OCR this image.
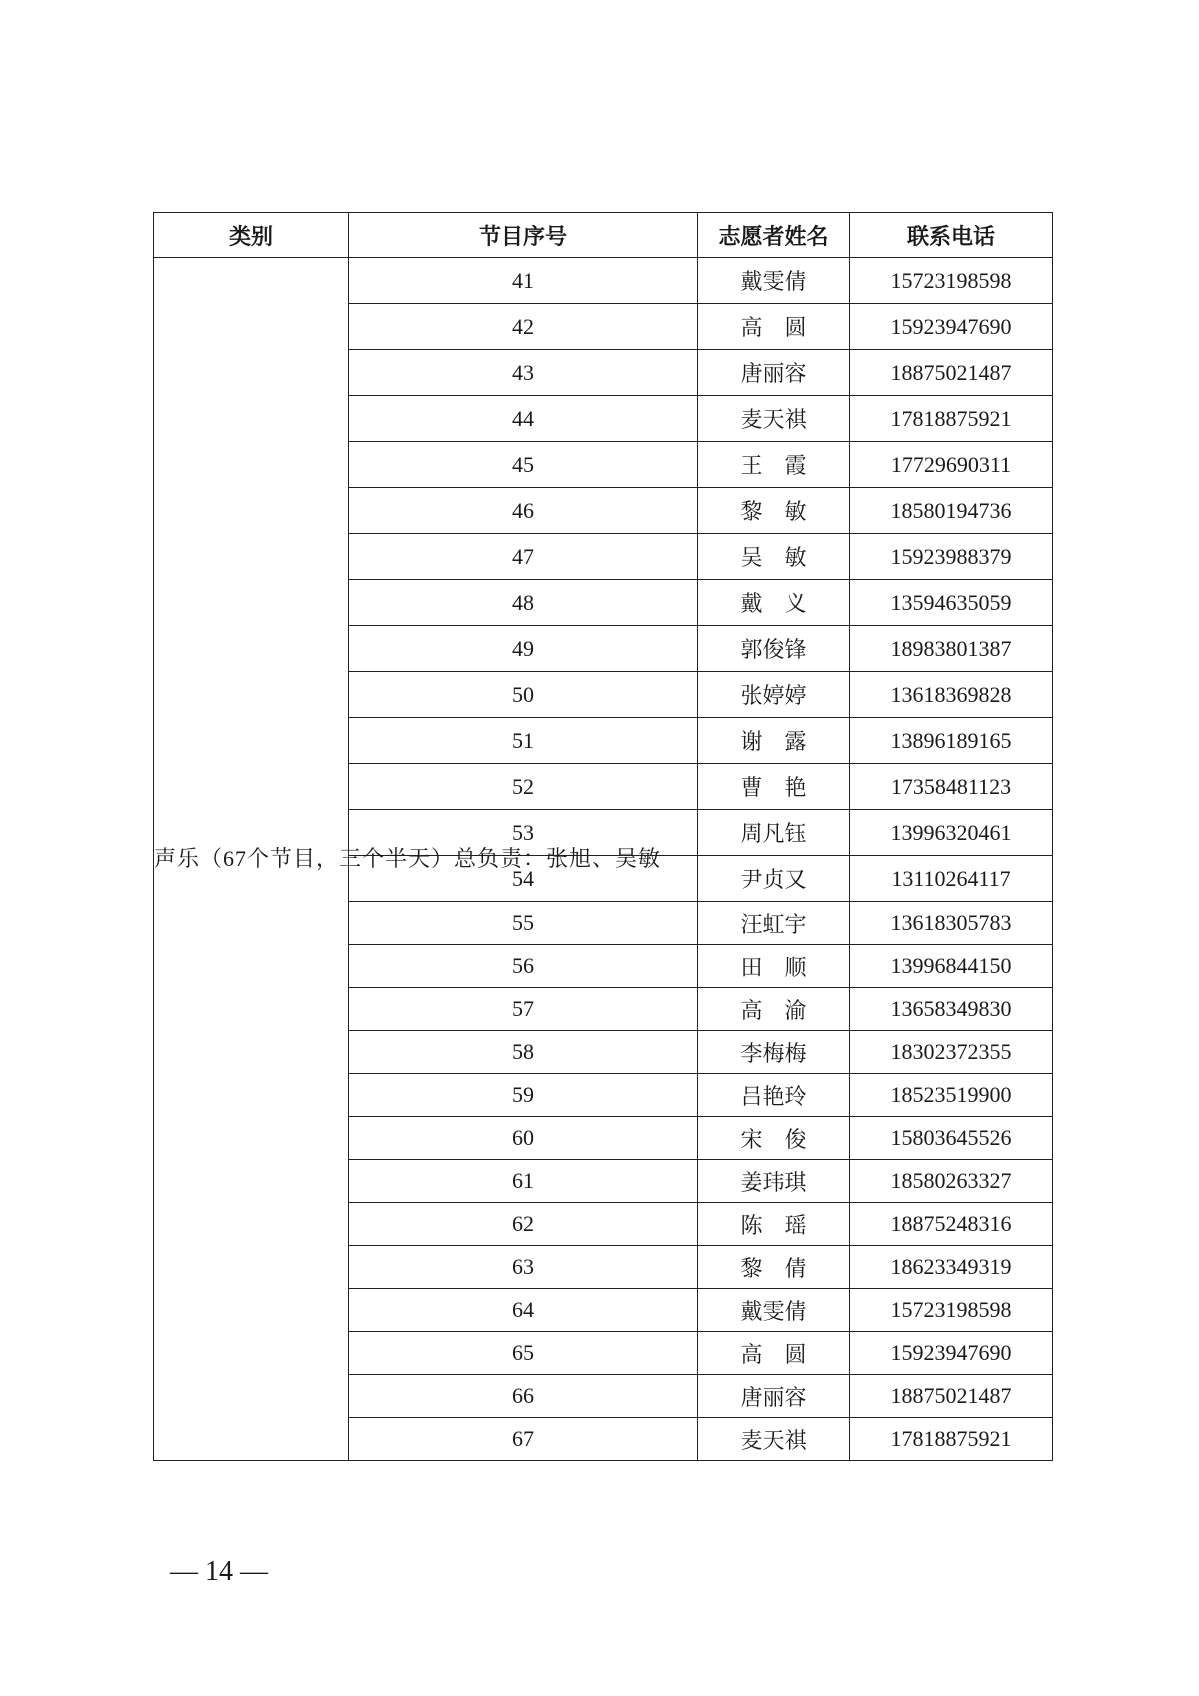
类别	节目序号	志愿者姓名	联系电话
声乐（67个节目，三个半天）总负责：张旭、吴敏	41	戴雯倩	15723198598
	42	高　圆	15923947690
	43	唐丽容	18875021487
	44	麦天祺	17818875921
	45	王　霞	17729690311
	46	黎　敏	18580194736
	47	吴　敏	15923988379
	48	戴　义	13594635059
	49	郭俊锋	18983801387
	50	张婷婷	13618369828
	51	谢　露	13896189165
	52	曹　艳	17358481123
	53	周凡钰	13996320461
	54	尹贞又	13110264117
	55	汪虹宇	13618305783
	56	田　顺	13996844150
	57	高　渝	13658349830
	58	李梅梅	18302372355
	59	吕艳玲	18523519900
	60	宋　俊	15803645526
	61	姜玮琪	18580263327
	62	陈　瑶	18875248316
	63	黎　倩	18623349319
	64	戴雯倩	15723198598
	65	高　圆	15923947690
	66	唐丽容	18875021487
	67	麦天祺	17818875921
— 14 —
